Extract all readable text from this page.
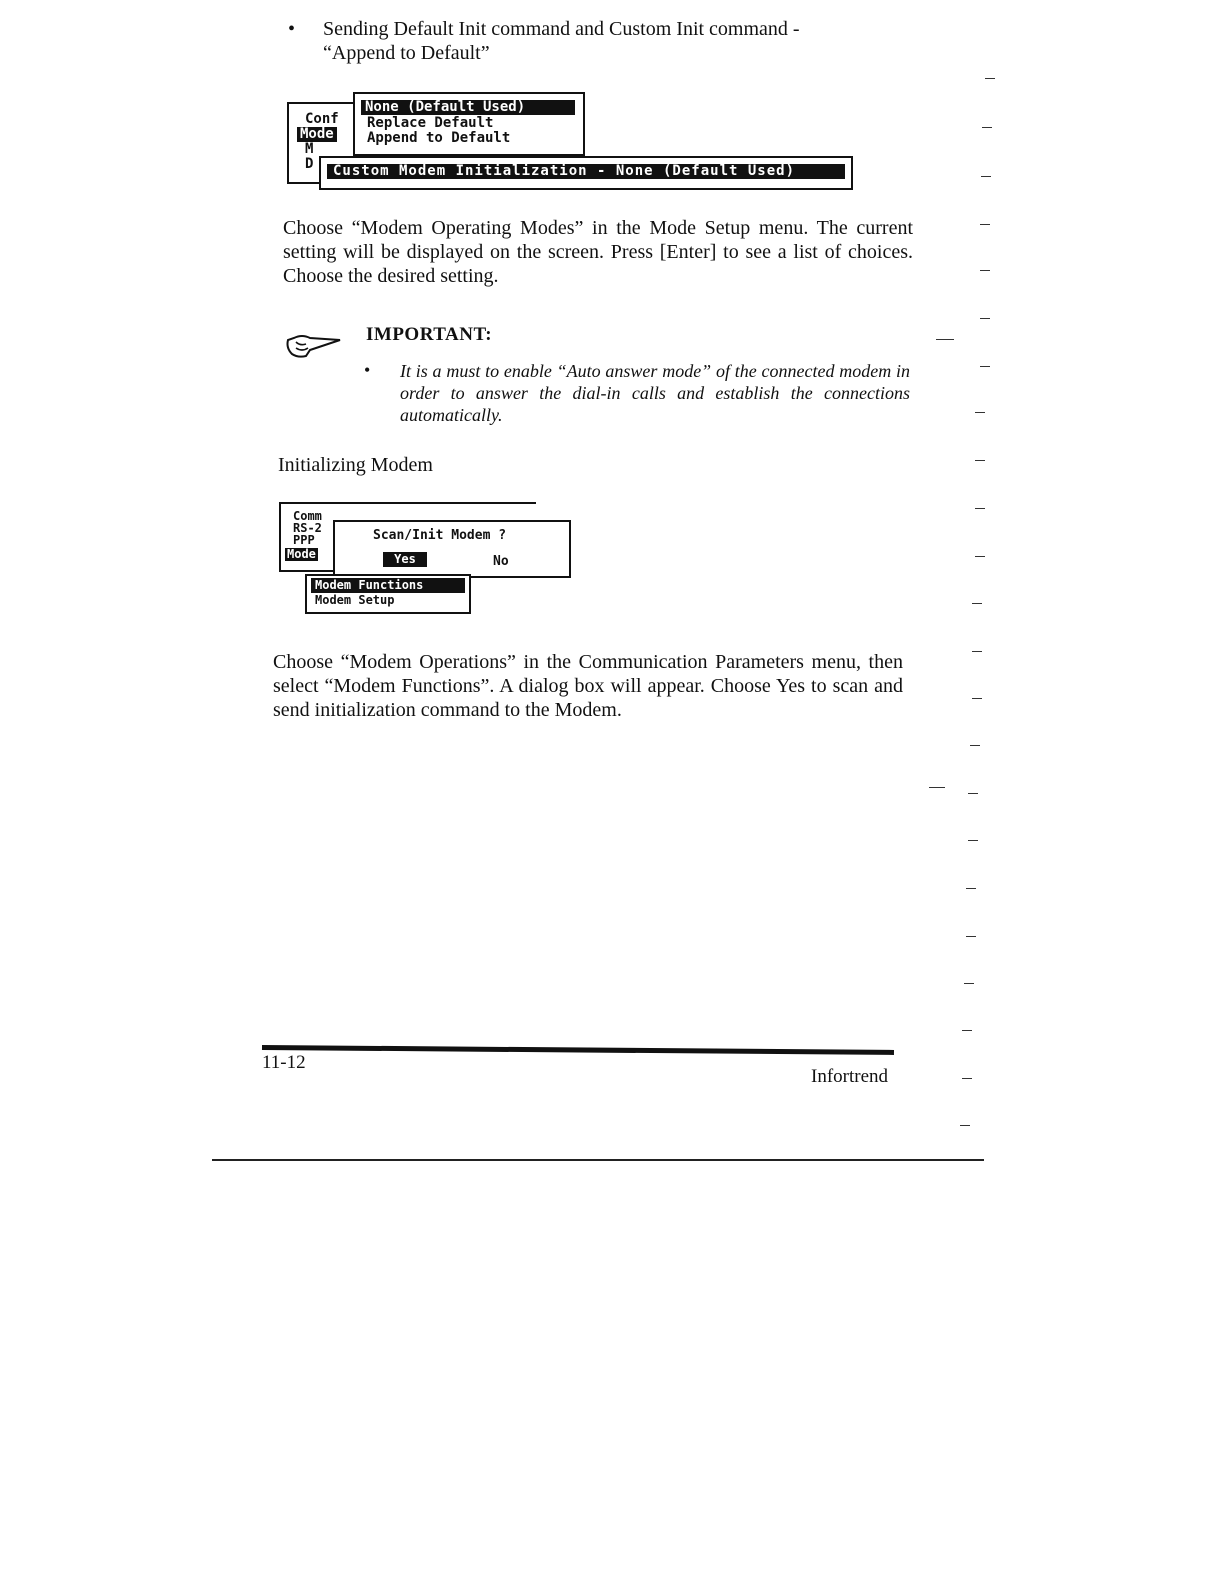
• Sending Default Init command and Custom Init command -
“Append to Default”
Conf
Mode
M
D
None (Default Used)
Replace Default
Append to Default
Custom Modem Initialization - None (Default Used)
Choose “Modem Operating Modes” in the Mode Setup menu. The current setting will be displayed on the screen. Press [Enter] to see a list of choices. Choose the desired setting.
IMPORTANT:
• It is a must to enable “Auto answer mode” of the connected modem in order to answer the dial-in calls and establish the connections automatically.
Initializing Modem
Comm
RS-2
PPP
Mode
Scan/Init Modem ?
Yes	No
Modem Functions
Modem Setup
Choose “Modem Operations” in the Communication Parameters menu, then select “Modem Functions”. A dialog box will appear. Choose Yes to scan and send initialization command to the Modem.
11-12
Infortrend
